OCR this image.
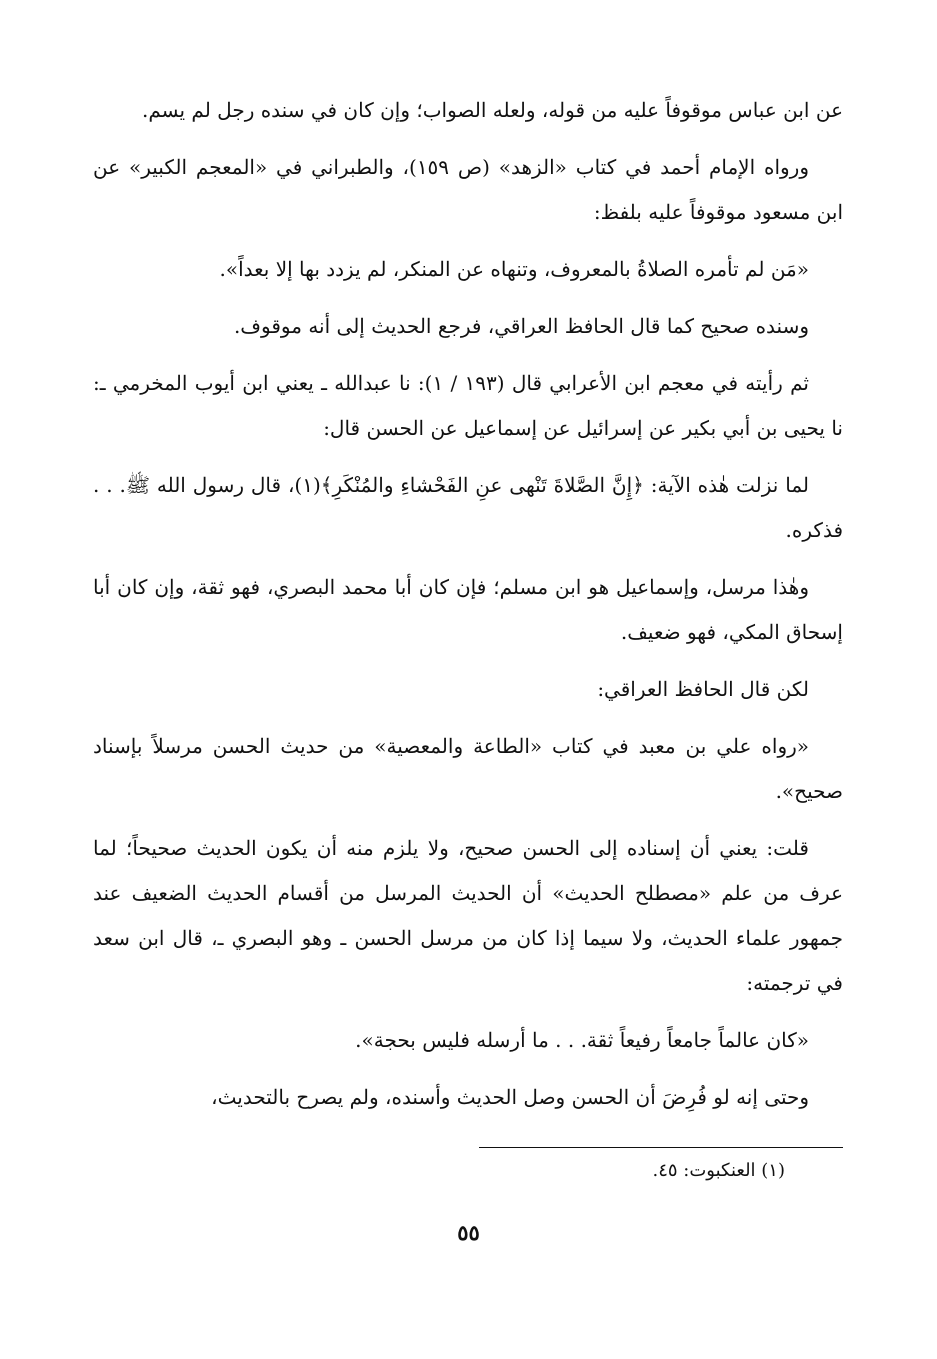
عن ابن عباس موقوفاً عليه من قوله، ولعله الصواب؛ وإن كان في سنده رجل لم يسم.

ورواه الإمام أحمد في كتاب «الزهد» (ص ١٥٩)، والطبراني في «المعجم الكبير» عن ابن مسعود موقوفاً عليه بلفظ:

«مَن لم تأمره الصلاةُ بالمعروف، وتنهاه عن المنكر، لم يزدد بها إلا بعداً».

وسنده صحيح كما قال الحافظ العراقي، فرجع الحديث إلى أنه موقوف.

ثم رأيته في معجم ابن الأعرابي قال (١٩٣ / ١): نا عبدالله ـ يعني ابن أيوب المخرمي ـ: نا يحيى بن أبي بكير عن إسرائيل عن إسماعيل عن الحسن قال:

لما نزلت هٰذه الآية: ﴿إِنَّ الصَّلاةَ تَنْهى عنِ الفَحْشاءِ والمُنْكَرِ﴾(١)، قال رسول الله ﷺ. . . فذكره.

وهٰذا مرسل، وإسماعيل هو ابن مسلم؛ فإن كان أبا محمد البصري، فهو ثقة، وإن كان أبا إسحاق المكي، فهو ضعيف.

لكن قال الحافظ العراقي:

«رواه علي بن معبد في كتاب «الطاعة والمعصية» من حديث الحسن مرسلاً بإسناد صحيح».

قلت: يعني أن إسناده إلى الحسن صحيح، ولا يلزم منه أن يكون الحديث صحيحاً؛ لما عرف من علم «مصطلح الحديث» أن الحديث المرسل من أقسام الحديث الضعيف عند جمهور علماء الحديث، ولا سيما إذا كان من مرسل الحسن ـ وهو البصري ـ، قال ابن سعد في ترجمته:

«كان عالماً جامعاً رفيعاً ثقة. . . ما أرسله فليس بحجة».

وحتى إنه لو فُرِضَ أن الحسن وصل الحديث وأسنده، ولم يصرح بالتحديث،

(١) العنكبوت: ٤٥.
٥٥
